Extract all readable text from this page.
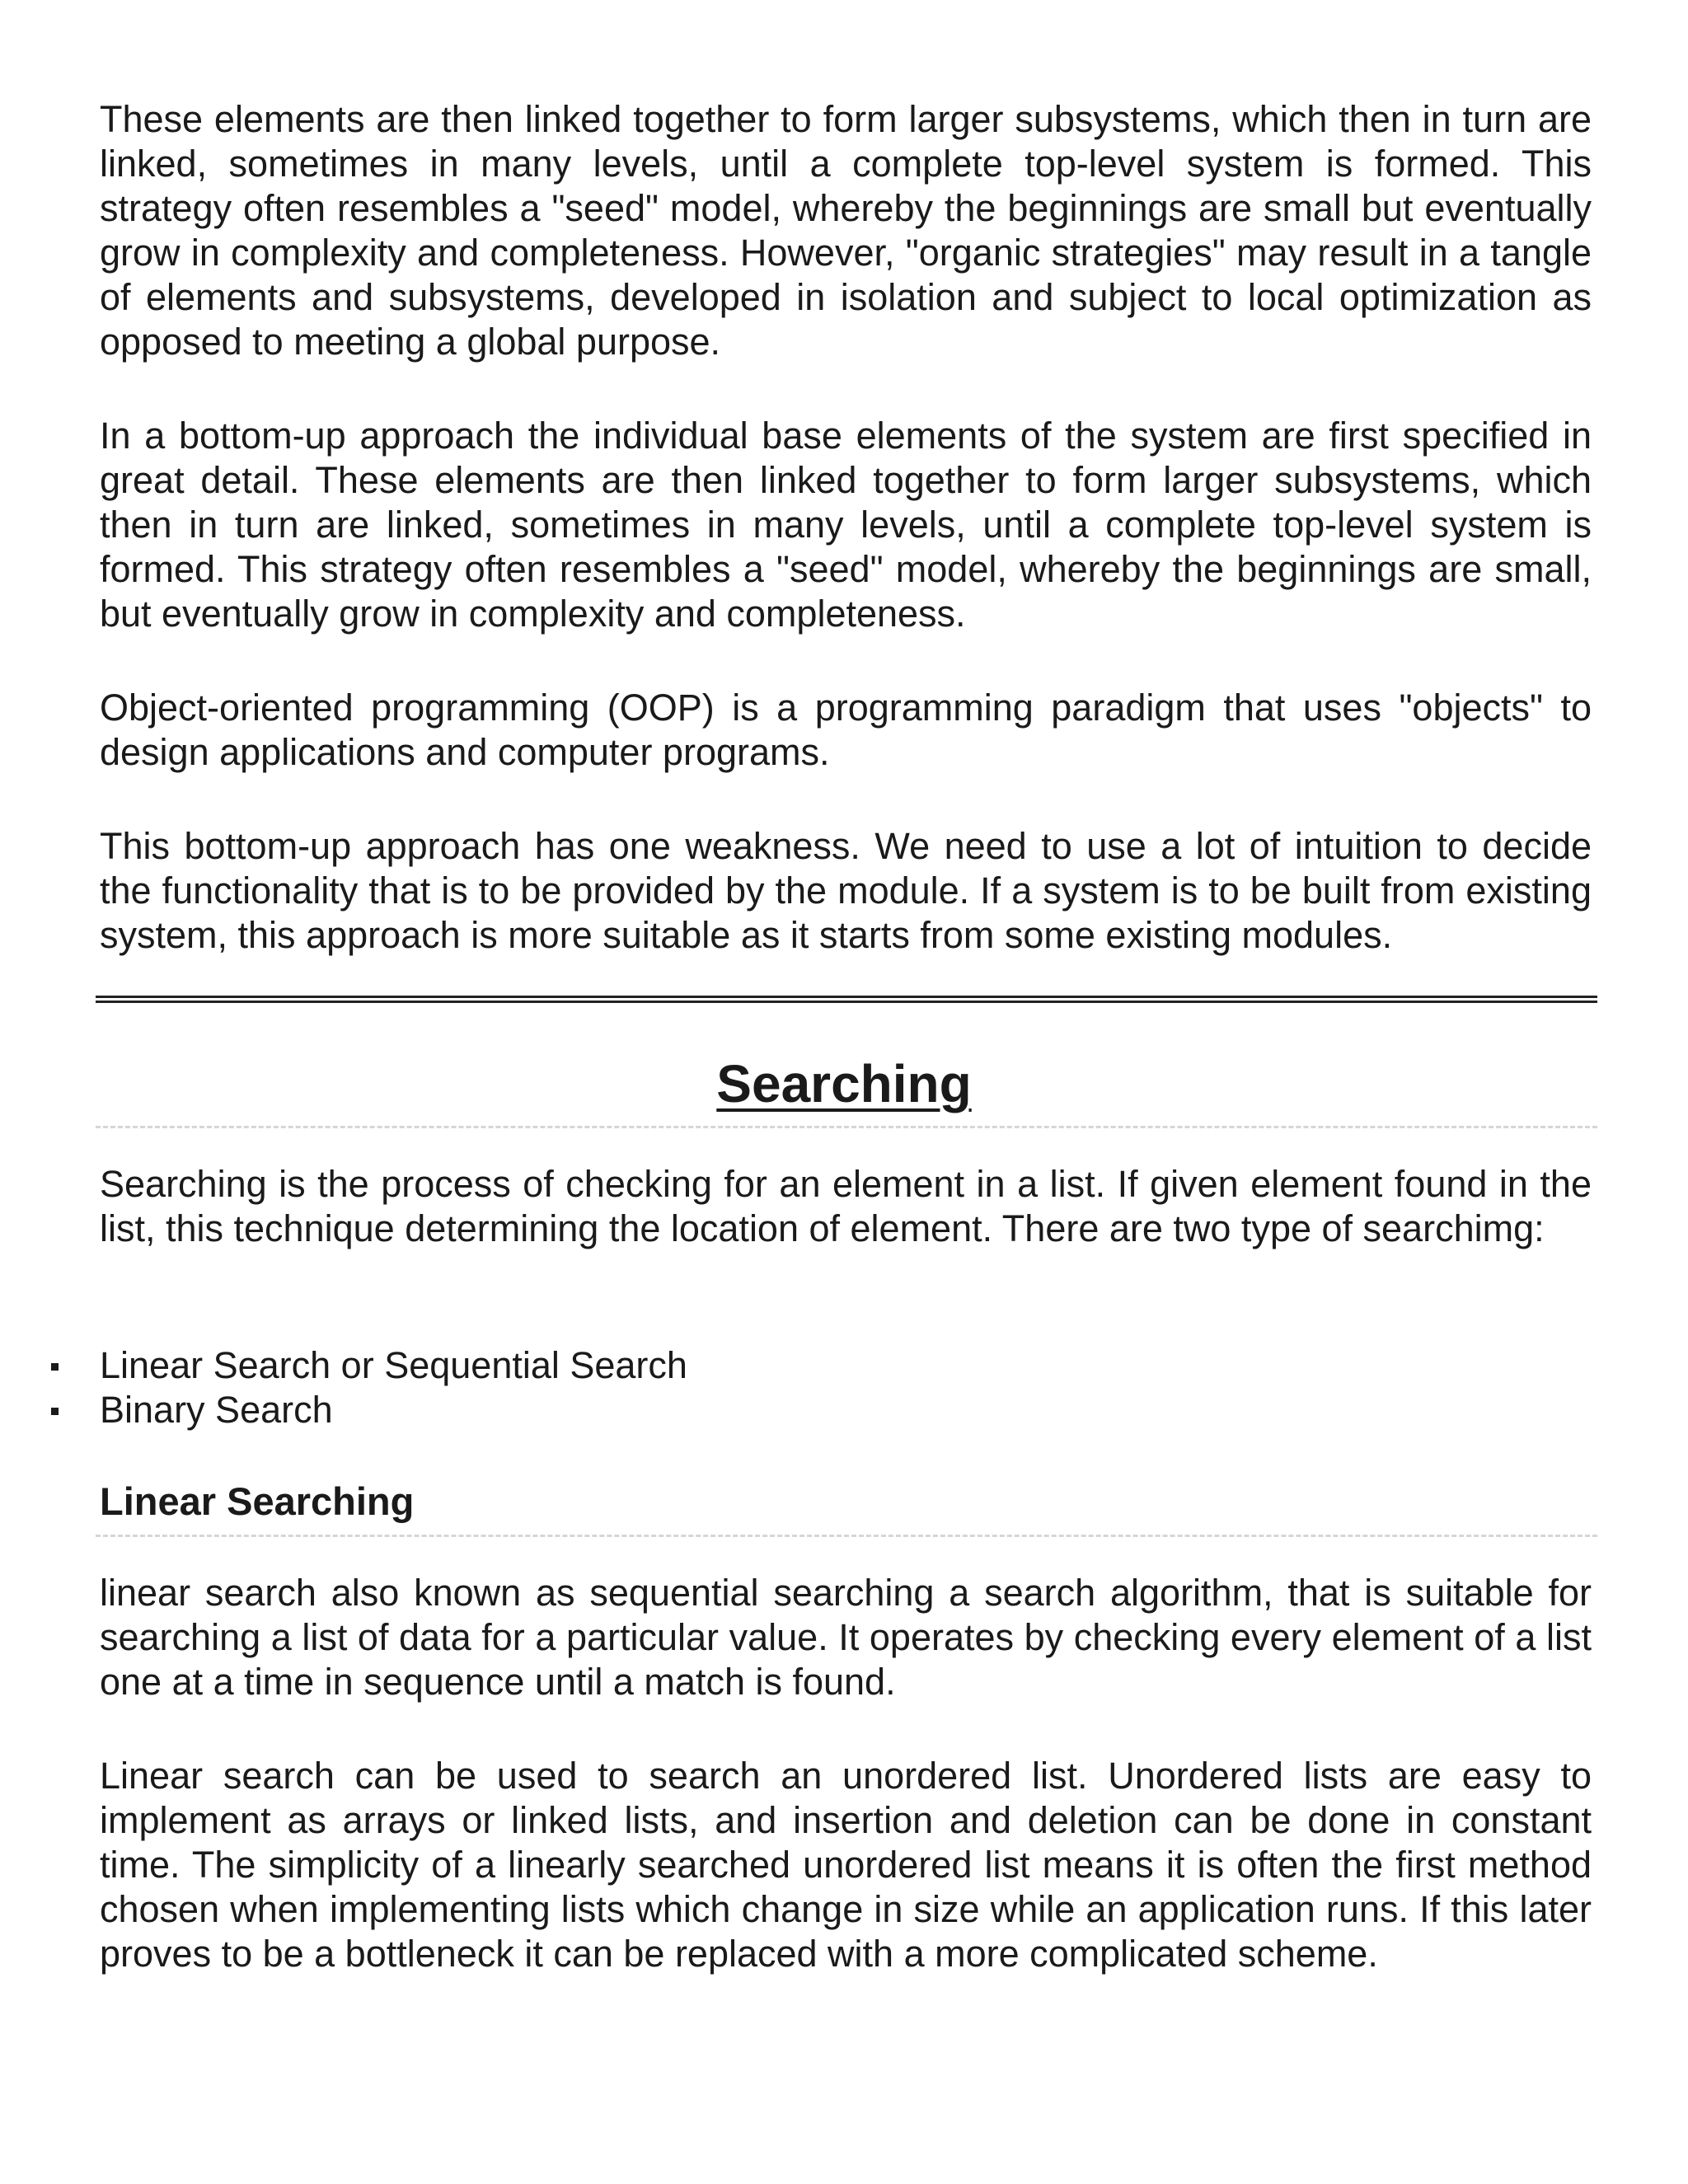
These elements are then linked together to form larger subsystems, which then in turn are linked, sometimes in many levels, until a complete top-level system is formed. This strategy often resembles a "seed" model, whereby the beginnings are small but eventually grow in complexity and completeness. However, "organic strategies" may result in a tangle of elements and subsystems, developed in isolation and subject to local optimization as opposed to meeting a global purpose.

In a bottom-up approach the individual base elements of the system are first specified in great detail. These elements are then linked together to form larger subsystems, which then in turn are linked, sometimes in many levels, until a complete top-level system is formed. This strategy often resembles a "seed" model, whereby the beginnings are small, but eventually grow in complexity and completeness.

Object-oriented programming (OOP) is a programming paradigm that uses "objects" to design applications and computer programs.

This bottom-up approach has one weakness. We need to use a lot of intuition to decide the functionality that is to be provided by the module. If a system is to be built from existing system, this approach is more suitable as it starts from some existing modules.

Searching

Searching is the process of checking for an element in a list. If given element found in the list, this technique determining the location of element. There are two type of searchimg:

Linear Search or Sequential Search
Binary Search
Linear Searching

linear search also known as sequential searching a search algorithm, that is suitable for searching a list of data for a particular value. It operates by checking every element of a list one at a time in sequence until a match is found.

Linear search can be used to search an unordered list. Unordered lists are easy to implement as arrays or linked lists, and insertion and deletion can be done in constant time. The simplicity of a linearly searched unordered list means it is often the first method chosen when implementing lists which change in size while an application runs. If this later proves to be a bottleneck it can be replaced with a more complicated scheme.
